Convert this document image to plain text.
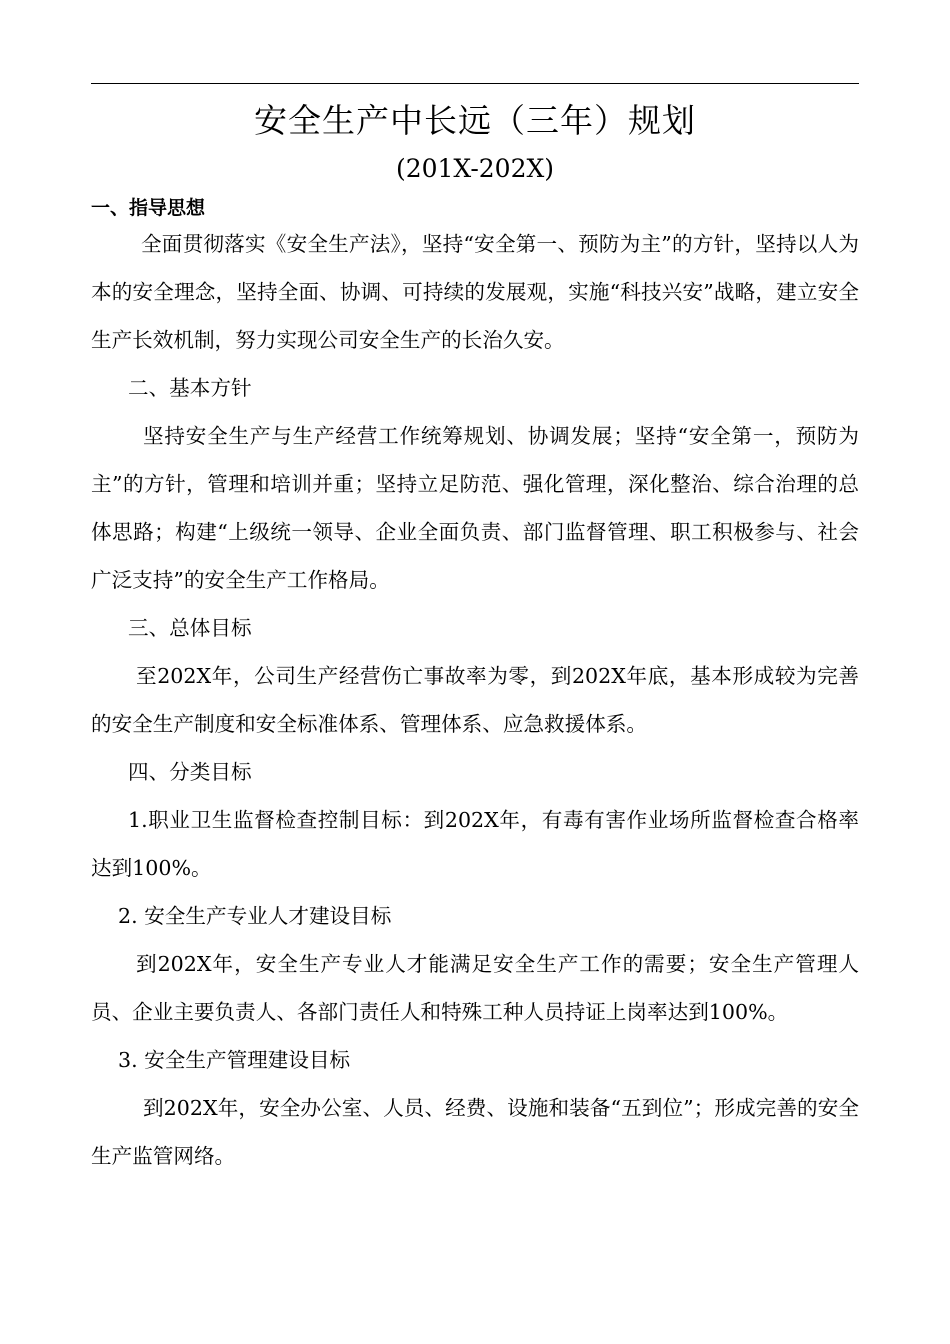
安全生产中长远（三年）规划
(201X-202X)

一、指导思想

全面贯彻落实《安全生产法》，坚持“安全第一、预防为主”的方针，坚持以人为本的安全理念，坚持全面、协调、可持续的发展观，实施“科技兴安”战略，建立安全生产长效机制，努力实现公司安全生产的长治久安。

二、基本方针

坚持安全生产与生产经营工作统筹规划、协调发展；坚持“安全第一，预防为主”的方针，管理和培训并重；坚持立足防范、强化管理，深化整治、综合治理的总体思路；构建“上级统一领导、企业全面负责、部门监督管理、职工积极参与、社会广泛支持”的安全生产工作格局。

三、总体目标

至202X年，公司生产经营伤亡事故率为零，到202X年底，基本形成较为完善的安全生产制度和安全标准体系、管理体系、应急救援体系。

四、分类目标

1.职业卫生监督检查控制目标：到202X年，有毒有害作业场所监督检查合格率达到100%。

2. 安全生产专业人才建设目标

到202X年，安全生产专业人才能满足安全生产工作的需要；安全生产管理人员、企业主要负责人、各部门责任人和特殊工种人员持证上岗率达到100%。

3. 安全生产管理建设目标

到202X年，安全办公室、人员、经费、设施和装备“五到位”；形成完善的安全生产监管网络。
